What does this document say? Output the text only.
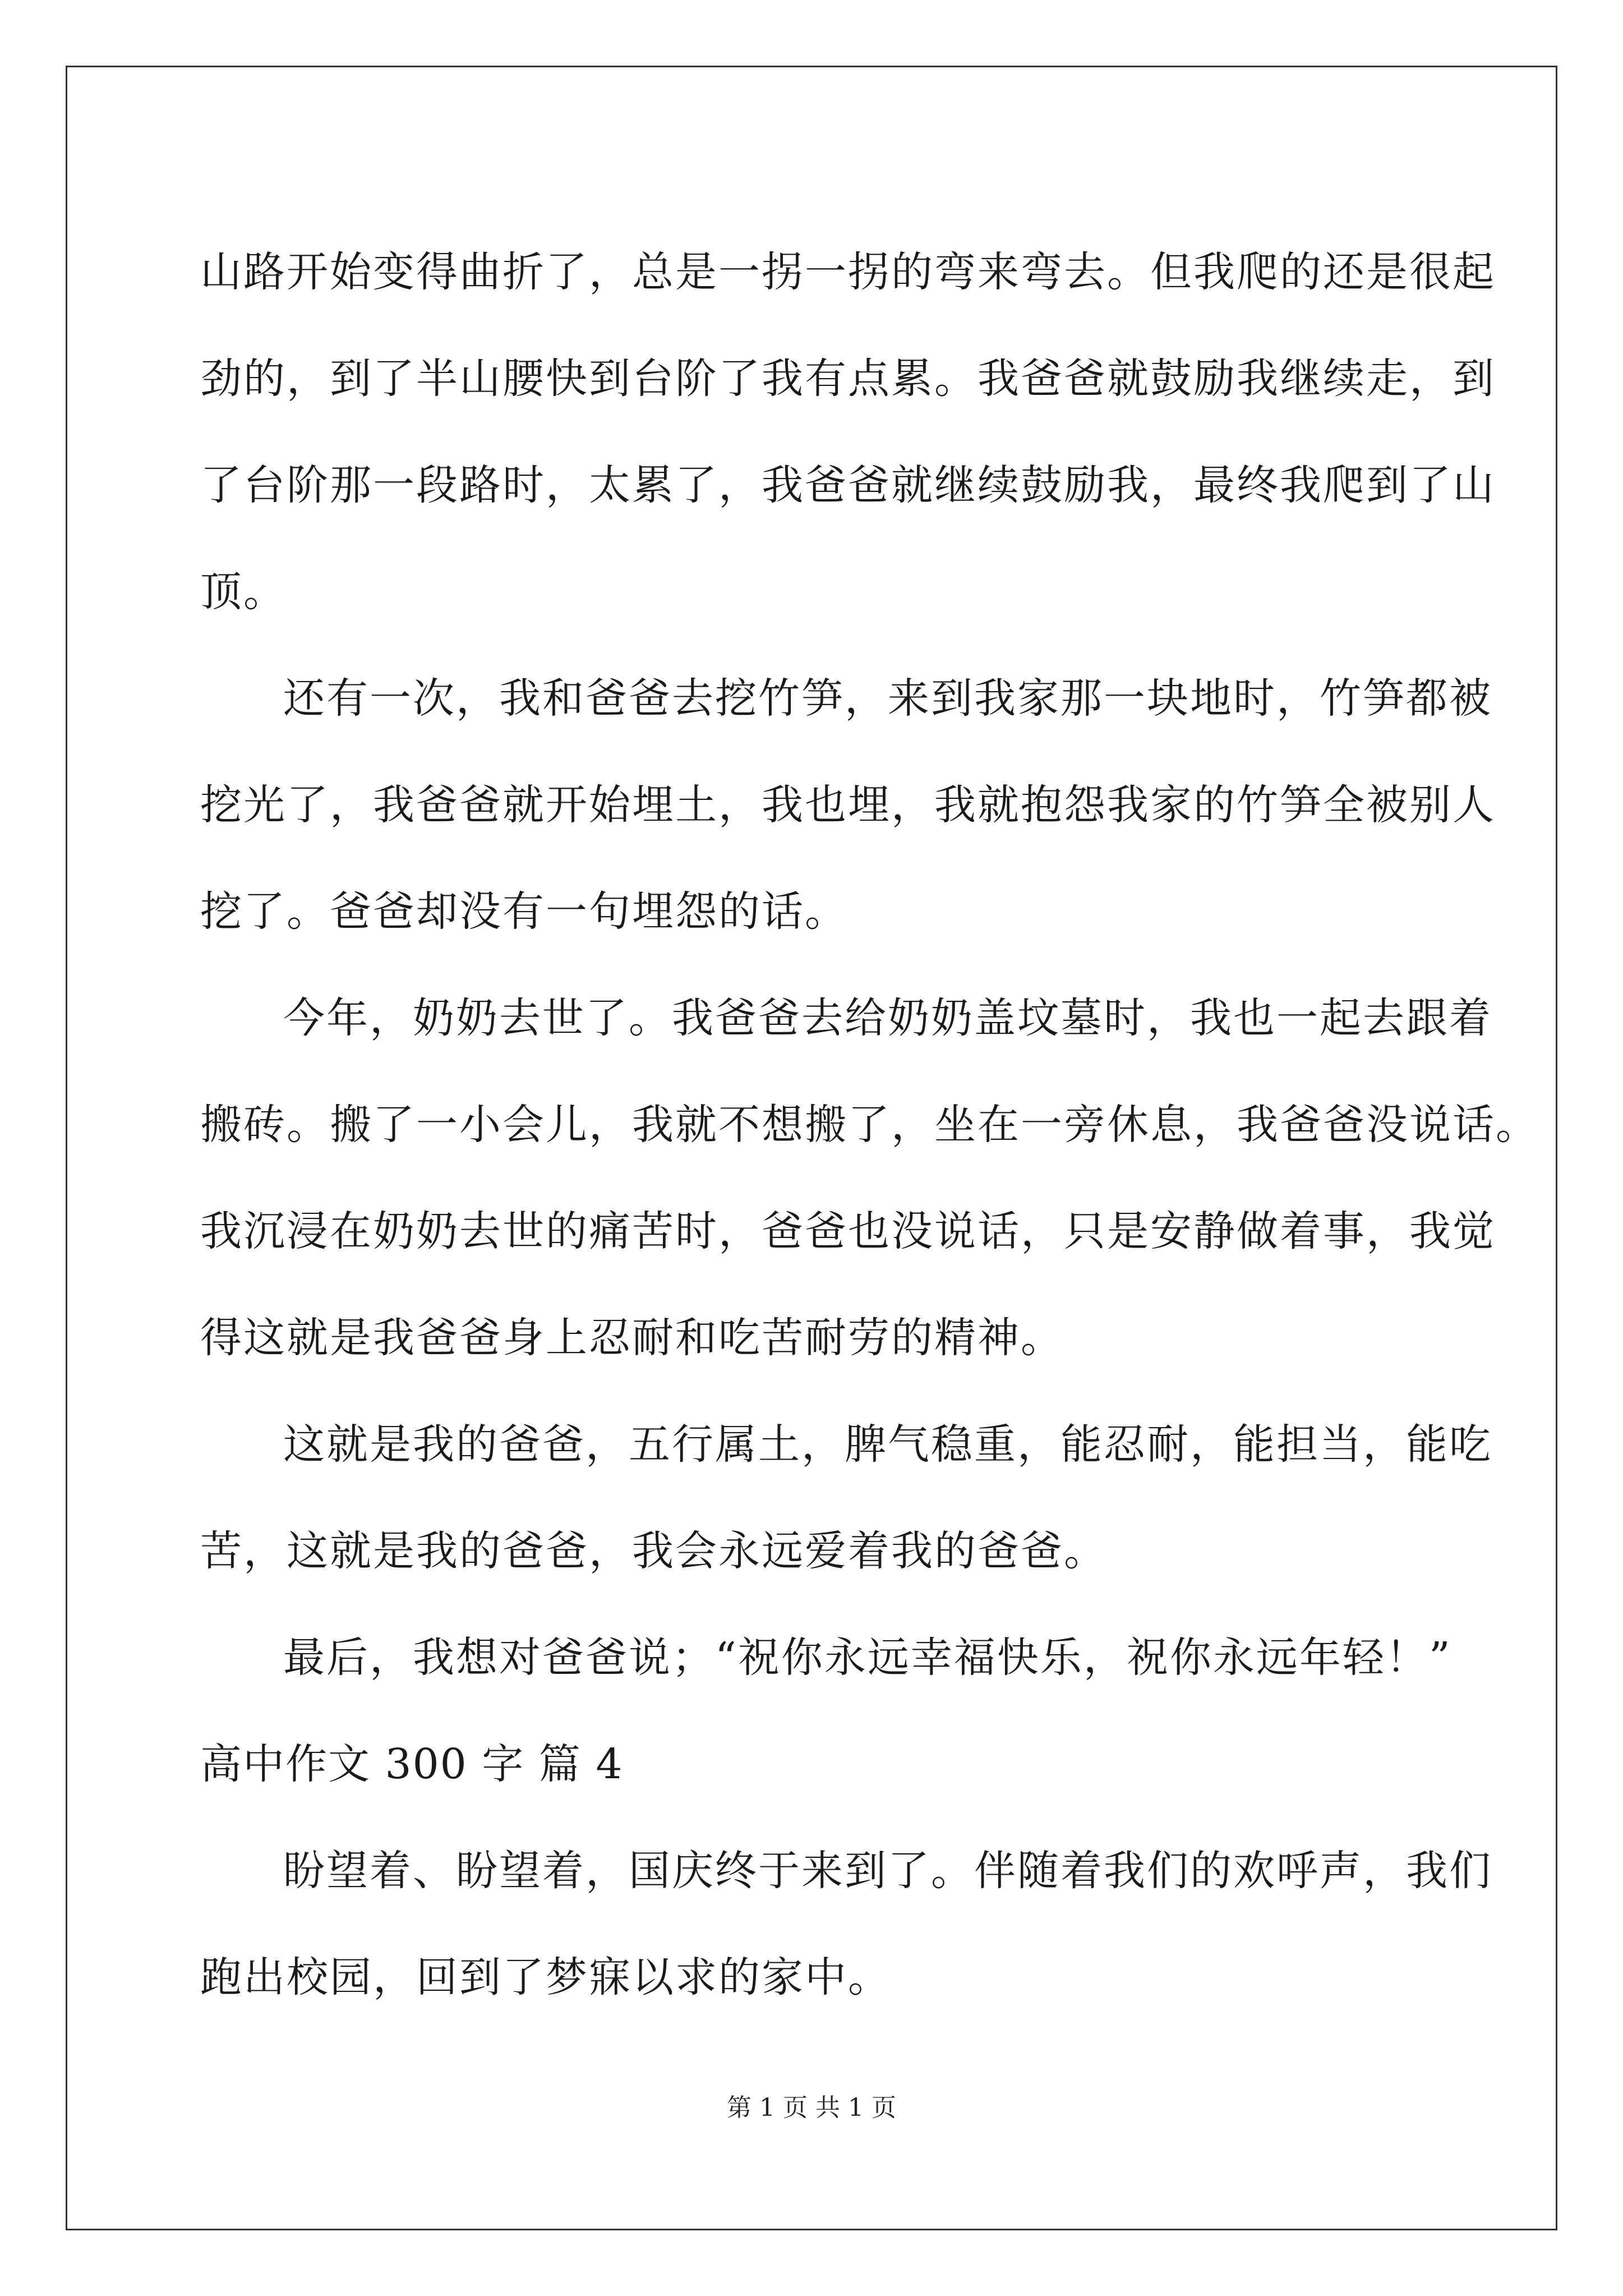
山路开始变得曲折了，总是一拐一拐的弯来弯去。但我爬的还是很起
劲的，到了半山腰快到台阶了我有点累。我爸爸就鼓励我继续走，到
了台阶那一段路时，太累了，我爸爸就继续鼓励我，最终我爬到了山
顶。

还有一次，我和爸爸去挖竹笋，来到我家那一块地时，竹笋都被
挖光了，我爸爸就开始埋土，我也埋，我就抱怨我家的竹笋全被别人
挖了。爸爸却没有一句埋怨的话。

今年，奶奶去世了。我爸爸去给奶奶盖坟墓时，我也一起去跟着
搬砖。搬了一小会儿，我就不想搬了，坐在一旁休息，我爸爸没说话。
我沉浸在奶奶去世的痛苦时，爸爸也没说话，只是安静做着事，我觉
得这就是我爸爸身上忍耐和吃苦耐劳的精神。

这就是我的爸爸，五行属土，脾气稳重，能忍耐，能担当，能吃
苦，这就是我的爸爸，我会永远爱着我的爸爸。

最后，我想对爸爸说；“祝你永远幸福快乐，祝你永远年轻！”

高中作文 300 字 篇 4

盼望着、盼望着，国庆终于来到了。伴随着我们的欢呼声，我们
跑出校园，回到了梦寐以求的家中。

第 1 页 共 1 页
